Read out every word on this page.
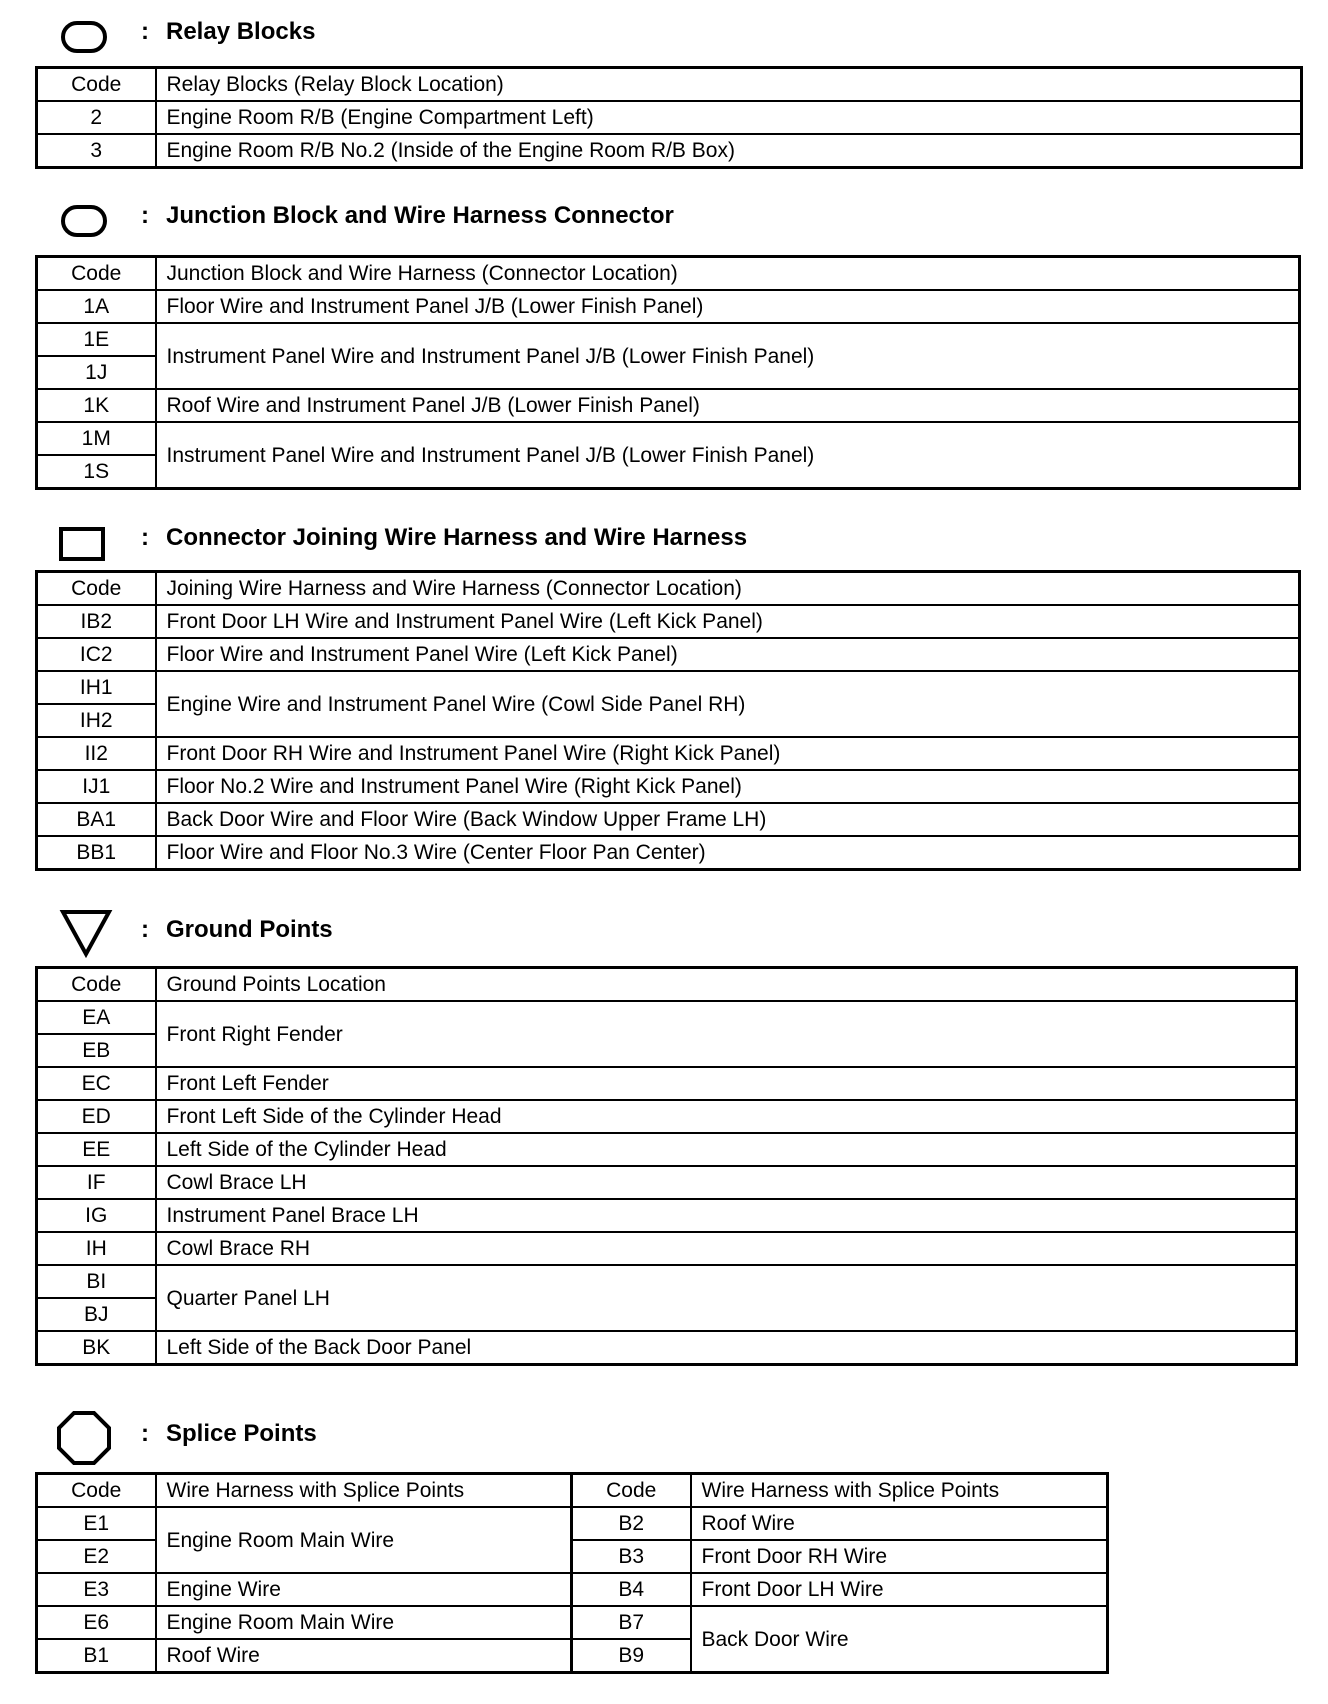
: Relay Blocks
Code	Relay Blocks (Relay Block Location)
2	Engine Room R/B (Engine Compartment Left)
3	Engine Room R/B No.2 (Inside of the Engine Room R/B Box)
: Junction Block and Wire Harness Connector
Code	Junction Block and Wire Harness (Connector Location)
1A	Floor Wire and Instrument Panel J/B (Lower Finish Panel)
1E	Instrument Panel Wire and Instrument Panel J/B (Lower Finish Panel)
1J	
1K	Roof Wire and Instrument Panel J/B (Lower Finish Panel)
1M	Instrument Panel Wire and Instrument Panel J/B (Lower Finish Panel)
1S	
: Connector Joining Wire Harness and Wire Harness
Code	Joining Wire Harness and Wire Harness (Connector Location)
IB2	Front Door LH Wire and Instrument Panel Wire (Left Kick Panel)
IC2	Floor Wire and Instrument Panel Wire (Left Kick Panel)
IH1	Engine Wire and Instrument Panel Wire (Cowl Side Panel RH)
IH2	
II2	Front Door RH Wire and Instrument Panel Wire (Right Kick Panel)
IJ1	Floor No.2 Wire and Instrument Panel Wire (Right Kick Panel)
BA1	Back Door Wire and Floor Wire (Back Window Upper Frame LH)
BB1	Floor Wire and Floor No.3 Wire (Center Floor Pan Center)
: Ground Points
Code	Ground Points Location
EA	Front Right Fender
EB	
EC	Front Left Fender
ED	Front Left Side of the Cylinder Head
EE	Left Side of the Cylinder Head
IF	Cowl Brace LH
IG	Instrument Panel Brace LH
IH	Cowl Brace RH
BI	Quarter Panel LH
BJ	
BK	Left Side of the Back Door Panel
: Splice Points
Code	Wire Harness with Splice Points	Code	Wire Harness with Splice Points
E1	Engine Room Main Wire	B2	Roof Wire
E2		B3	Front Door RH Wire
E3	Engine Wire	B4	Front Door LH Wire
E6	Engine Room Main Wire	B7	Back Door Wire
B1	Roof Wire	B9	
